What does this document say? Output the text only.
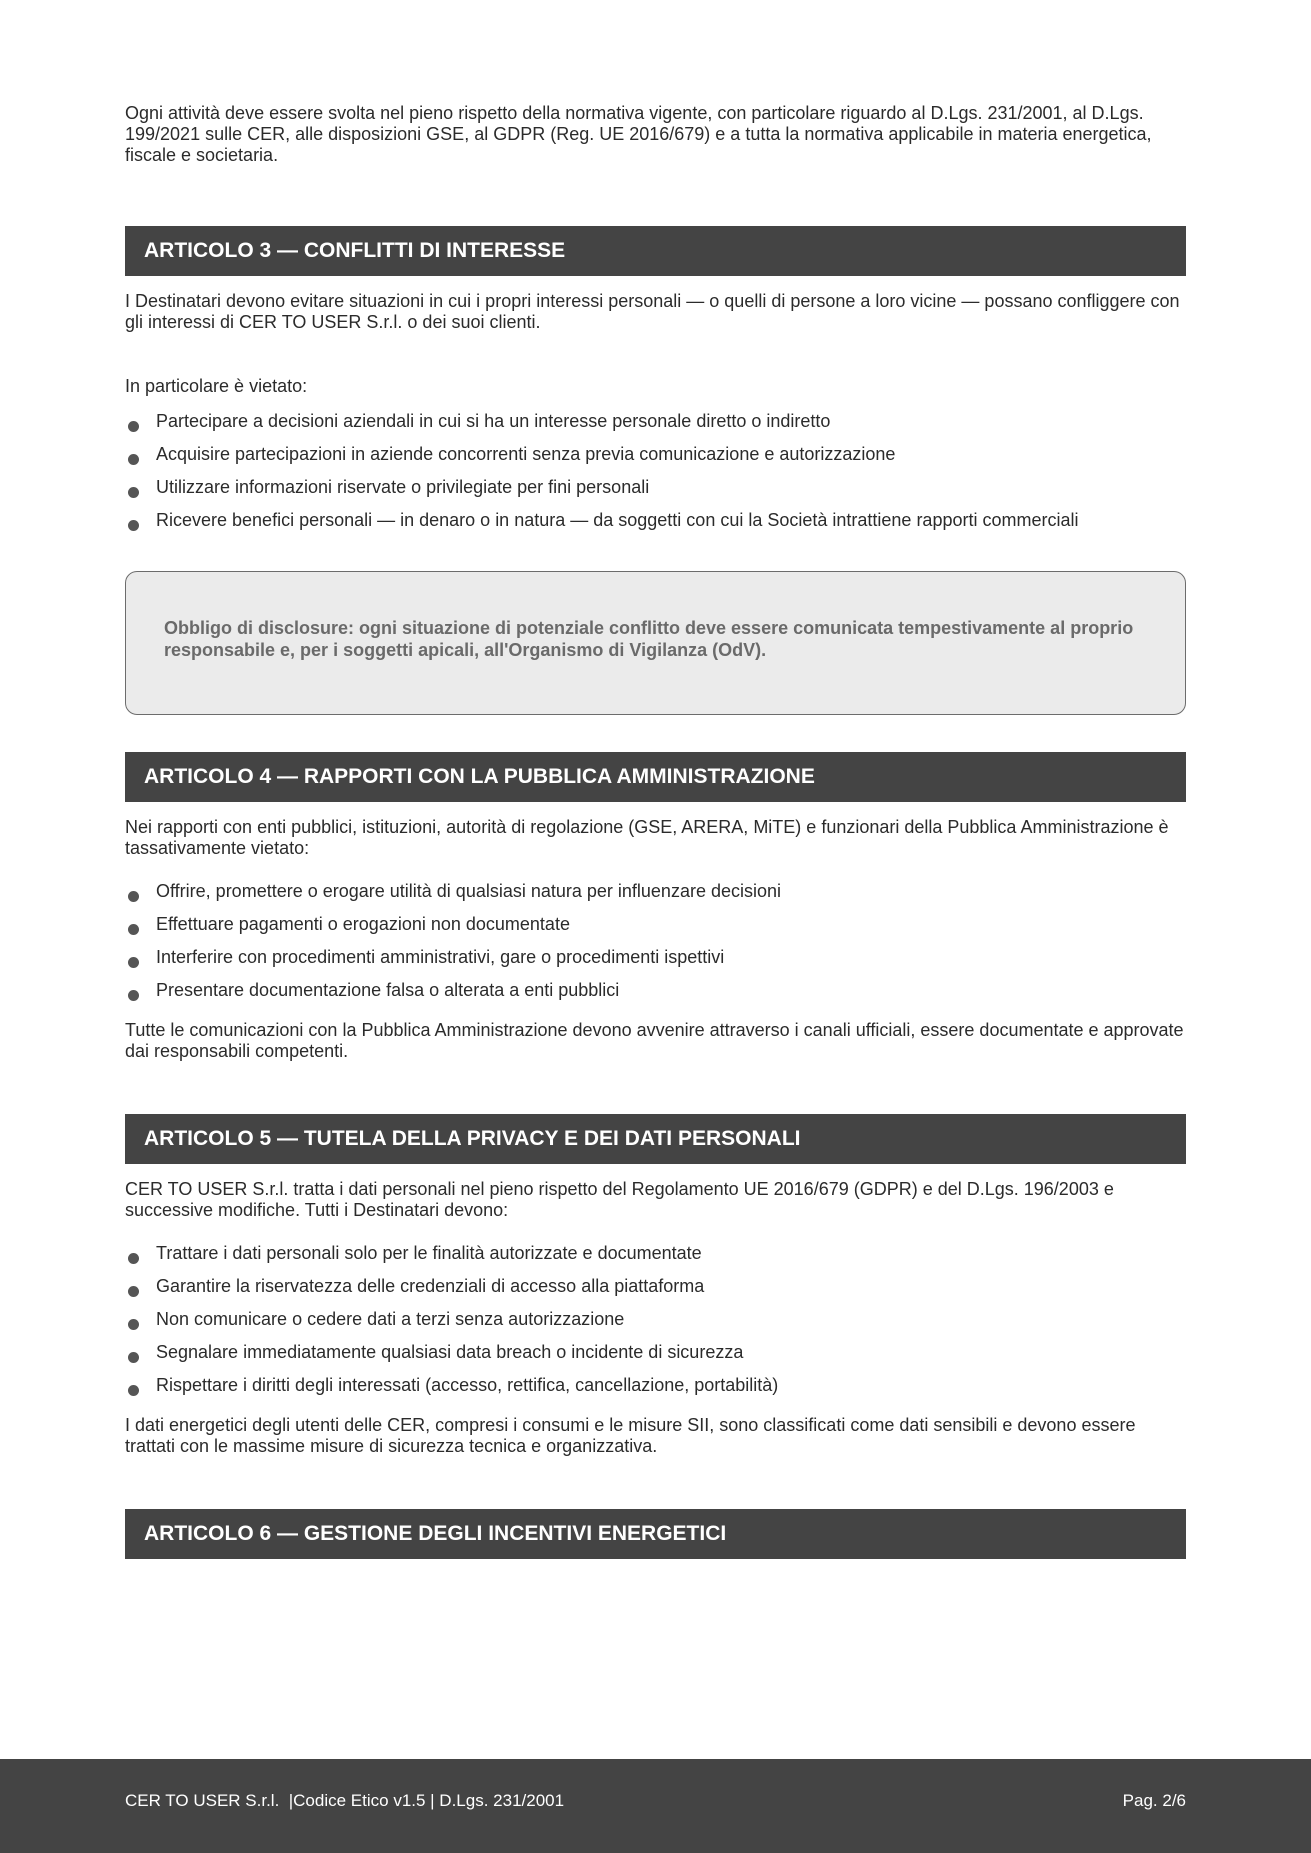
Ogni attività deve essere svolta nel pieno rispetto della normativa vigente, con particolare riguardo al D.Lgs. 231/2001, al D.Lgs. 199/2021 sulle CER, alle disposizioni GSE, al GDPR (Reg. UE 2016/679) e a tutta la normativa applicabile in materia energetica, fiscale e societaria.

ARTICOLO 3 — CONFLITTI DI INTERESSE

I Destinatari devono evitare situazioni in cui i propri interessi personali — o quelli di persone a loro vicine — possano confliggere con gli interessi di CER TO USER S.r.l. o dei suoi clienti.

In particolare è vietato:

Partecipare a decisioni aziendali in cui si ha un interesse personale diretto o indiretto
Acquisire partecipazioni in aziende concorrenti senza previa comunicazione e autorizzazione
Utilizzare informazioni riservate o privilegiate per fini personali
Ricevere benefici personali — in denaro o in natura — da soggetti con cui la Società intrattiene rapporti commerciali
Obbligo di disclosure: ogni situazione di potenziale conflitto deve essere comunicata tempestivamente al proprio responsabile e, per i soggetti apicali, all'Organismo di Vigilanza (OdV).
ARTICOLO 4 — RAPPORTI CON LA PUBBLICA AMMINISTRAZIONE

Nei rapporti con enti pubblici, istituzioni, autorità di regolazione (GSE, ARERA, MiTE) e funzionari della Pubblica Amministrazione è tassativamente vietato:

Offrire, promettere o erogare utilità di qualsiasi natura per influenzare decisioni
Effettuare pagamenti o erogazioni non documentate
Interferire con procedimenti amministrativi, gare o procedimenti ispettivi
Presentare documentazione falsa o alterata a enti pubblici

Tutte le comunicazioni con la Pubblica Amministrazione devono avvenire attraverso i canali ufficiali, essere documentate e approvate dai responsabili competenti.

ARTICOLO 5 — TUTELA DELLA PRIVACY E DEI DATI PERSONALI

CER TO USER S.r.l. tratta i dati personali nel pieno rispetto del Regolamento UE 2016/679 (GDPR) e del D.Lgs. 196/2003 e successive modifiche. Tutti i Destinatari devono:

Trattare i dati personali solo per le finalità autorizzate e documentate
Garantire la riservatezza delle credenziali di accesso alla piattaforma
Non comunicare o cedere dati a terzi senza autorizzazione
Segnalare immediatamente qualsiasi data breach o incidente di sicurezza
Rispettare i diritti degli interessati (accesso, rettifica, cancellazione, portabilità)

I dati energetici degli utenti delle CER, compresi i consumi e le misure SII, sono classificati come dati sensibili e devono essere trattati con le massime misure di sicurezza tecnica e organizzativa.

ARTICOLO 6 — GESTIONE DEGLI INCENTIVI ENERGETICI
CER TO USER S.r.l.  |Codice Etico v1.5 | D.Lgs. 231/2001	Pag. 2/6
